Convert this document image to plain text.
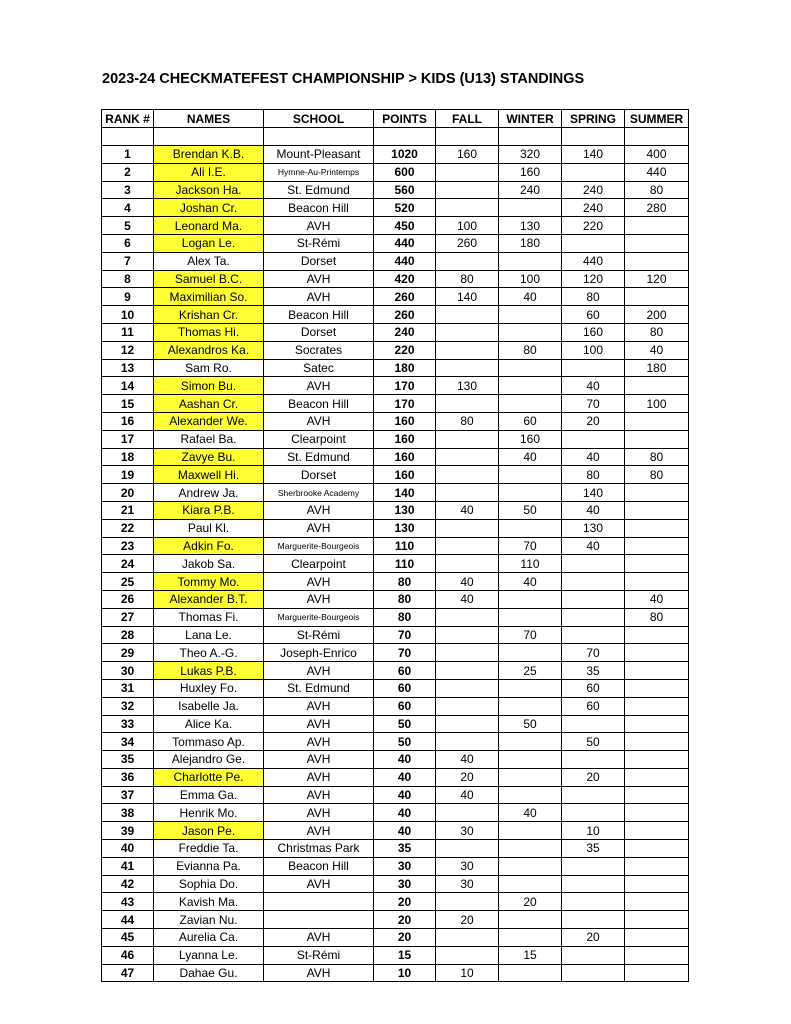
2023-24 CHECKMATEFEST CHAMPIONSHIP > KIDS (U13) STANDINGS
RANK #	NAMES	SCHOOL	POINTS	FALL	WINTER	SPRING	SUMMER

1	Brendan K.B.	Mount-Pleasant	1020	160	320	140	400
2	Ali I.E.	Hymne-Au-Printemps	600		160		440
3	Jackson Ha.	St. Edmund	560		240	240	80
4	Joshan Cr.	Beacon Hill	520			240	280
5	Leonard Ma.	AVH	450	100	130	220	
6	Logan Le.	St-Rémi	440	260	180		
7	Alex Ta.	Dorset	440			440	
8	Samuel B.C.	AVH	420	80	100	120	120
9	Maximilian So.	AVH	260	140	40	80	
10	Krishan Cr.	Beacon Hill	260			60	200
11	Thomas Hi.	Dorset	240			160	80
12	Alexandros Ka.	Socrates	220		80	100	40
13	Sam Ro.	Satec	180				180
14	Simon Bu.	AVH	170	130		40	
15	Aashan Cr.	Beacon Hill	170			70	100
16	Alexander We.	AVH	160	80	60	20	
17	Rafael Ba.	Clearpoint	160		160		
18	Zavye Bu.	St. Edmund	160		40	40	80
19	Maxwell Hi.	Dorset	160			80	80
20	Andrew Ja.	Sherbrooke Academy	140			140	
21	Kiara P.B.	AVH	130	40	50	40	
22	Paul Kl.	AVH	130			130	
23	Adkin Fo.	Marguerite-Bourgeois	110		70	40	
24	Jakob Sa.	Clearpoint	110		110		
25	Tommy Mo.	AVH	80	40	40		
26	Alexander B.T.	AVH	80	40			40
27	Thomas Fi.	Marguerite-Bourgeois	80				80
28	Lana Le.	St-Rémi	70		70		
29	Theo A.-G.	Joseph-Enrico	70			70	
30	Lukas P.B.	AVH	60		25	35	
31	Huxley Fo.	St. Edmund	60			60	
32	Isabelle Ja.	AVH	60			60	
33	Alice Ka.	AVH	50		50		
34	Tommaso Ap.	AVH	50			50	
35	Alejandro Ge.	AVH	40	40			
36	Charlotte Pe.	AVH	40	20		20	
37	Emma Ga.	AVH	40	40			
38	Henrik Mo.	AVH	40		40		
39	Jason Pe.	AVH	40	30		10	
40	Freddie Ta.	Christmas Park	35			35	
41	Evianna Pa.	Beacon Hill	30	30			
42	Sophia Do.	AVH	30	30			
43	Kavish Ma.		20		20		
44	Zavian Nu.		20	20			
45	Aurelia Ca.	AVH	20			20	
46	Lyanna Le.	St-Rémi	15		15		
47	Dahae Gu.	AVH	10	10			
